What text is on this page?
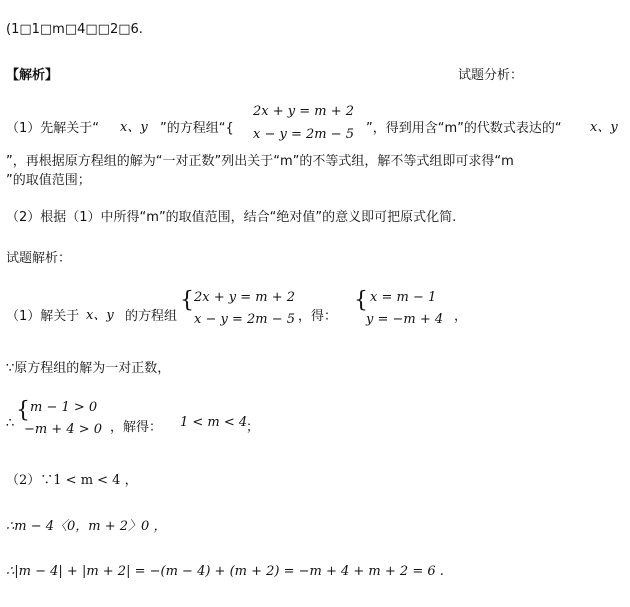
(1□1□m□4□□2□6.
【解析】	试题分析：
（1）先解关于“ x、y ”的方程组“{
2x + y = m + 2
x − y = 2m − 5 ”，得到用含“m”的代数式表达的“ x、y
”，再根据原方程组的解为“一对正数”列出关于“m”的不等式组，解不等式组即可求得“m
”的取值范围；
（2）根据（1）中所得“m”的取值范围，结合“绝对值”的意义即可把原式化简.
试题解析：
（1）解关于 x、y 的方程组
{ 2x + y = m + 2
x − y = 2m − 5 ，得：
{ x = m − 1
y = −m + 4 ，
∵原方程组的解为一对正数，
∴
{ m − 1 > 0
−m + 4 > 0 ，解得： 1 < m < 4
；
（2）∵1 < m < 4 ，
∴m − 4〈0，m + 2〉0 ，
∴|m − 4| + |m + 2| = −(m − 4) + (m + 2) = −m + 4 + m + 2 = 6 .
